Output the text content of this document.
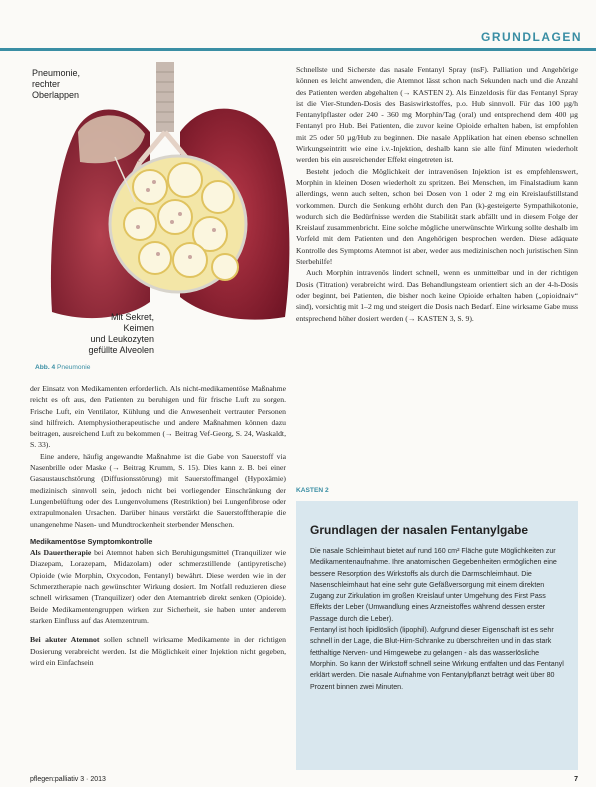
GRUNDLAGEN
Pneumonie,
rechter
Oberlappen
Mit Sekret, Keimen
und Leukozyten
gefüllte Alveolen
Abb. 4 Pneumonie

der Einsatz von Medikamenten erforderlich. Als nicht-medikamentöse Maßnahme reicht es oft aus, den Patienten zu beruhigen und für frische Luft zu sorgen. Frische Luft, ein Ventilator, Kühlung und die Anwesenheit vertrauter Personen sind hilfreich. Atemphysiotherapeutische und andere Maßnahmen können dazu beitragen, ausreichend Luft zu bekommen (→ Beitrag Vef-Georg, S. 24, Waskaldt, S. 33).

Eine andere, häufig angewandte Maßnahme ist die Gabe von Sauerstoff via Nasenbrille oder Maske (→ Beitrag Krumm, S. 15). Dies kann z. B. bei einer Gasaustauschstörung (Diffusionsstörung) mit Sauerstoffmangel (Hypoxämie) medizinisch sinnvoll sein, jedoch nicht bei vorliegender Einschränkung der Lungenbelüftung oder des Lungenvolumens (Restriktion) bei Lungenfibrose oder extrapulmonalen Ursachen. Darüber hinaus verstärkt die Sauerstofftherapie die unangenehme Nasen- und Mundtrockenheit sterbender Menschen.

Medikamentöse Symptomkontrolle

Als Dauertherapie bei Atemnot haben sich Beruhigungsmittel (Tranquilizer wie Diazepam, Lorazepam, Midazolam) oder schmerzstillende (antipyretische) Opioide (wie Morphin, Oxycodon, Fentanyl) bewährt. Diese werden wie in der Schmerztherapie nach gewünschter Wirkung dosiert. Im Notfall reduzieren diese schnell wirksamen (Tranquilizer) oder den Atemantrieb direkt senken (Opioide). Beide Medikamentengruppen wirken zur Sicherheit, sie haben unter anderem starken Einfluss auf das Atemzentrum.

Bei akuter Atemnot sollen schnell wirksame Medikamente in der richtigen Dosierung verabreicht werden. Ist die Möglichkeit einer Injektion nicht gegeben, wird ein Einfachsein

Schnellste und Sicherste das nasale Fentanyl Spray (nsF). Palliation und Angehörige können es leicht anwenden, die Atemnot lässt schon nach Sekunden nach und die Anzahl des Patienten werden abgehalten (→ KASTEN 2). Als Einzeldosis für das Fentanyl Spray ist die Vier-Stunden-Dosis des Basiswirkstoffes, p.o. Hub sinnvoll. Für das 100 µg/h Fentanylpflaster oder 240 - 360 mg Morphin/Tag (oral) und entsprechend dem 400 µg Fentanyl pro Hub. Bei Patienten, die zuvor keine Opioide erhalten haben, ist empfohlen mit 25 oder 50 µg/Hub zu beginnen. Die nasale Applikation hat einen ebenso schnellen Wirkungseintritt wie eine i.v.-Injektion, deshalb kann sie alle fünf Minuten wiederholt werden bis ein ausreichender Effekt eingetreten ist.

Besteht jedoch die Möglichkeit der intravenösen Injektion ist es empfehlenswert, Morphin in kleinen Dosen wiederholt zu spritzen. Bei Menschen, im Finalstadium kann allerdings, wenn auch selten, schon bei Dosen von 1 oder 2 mg ein Kreislaufstillstand vorkommen. Durch die Senkung erhöht durch den Pan (k)-gesteigerte Sympathikotonie, wodurch sich die Bedürfnisse werden die Stabilität stark abfällt und in diesem Folge der Kreislauf zusammenbricht. Eine solche mögliche unerwünschte Wirkung sollte deshalb im Vorfeld mit dem Patienten und den Angehörigen besprochen werden. Diese adäquate Kontrolle des Symptoms Atemnot ist aber, weder aus medizinischen noch juristischen Sinn Sterbehilfe!

Auch Morphin intravenös lindert schnell, wenn es unmittelbar und in der richtigen Dosis (Titration) verabreicht wird. Das Behandlungsteam orientiert sich an der 4-h-Dosis oder beginnt, bei Patienten, die bisher noch keine Opioide erhalten haben („opioidnaiv“ sind), vorsichtig mit 1–2 mg und steigert die Dosis nach Bedarf. Eine wirksame Gabe muss entsprechend höher dosiert werden (→ KASTEN 3, S. 9).

KASTEN 2
Grundlagen der nasalen Fentanylgabe

Die nasale Schleimhaut bietet auf rund 160 cm² Fläche gute Möglichkeiten zur Medikamentenaufnahme. Ihre anatomischen Gegebenheiten ermöglichen eine bessere Resorption des Wirkstoffs als durch die Darmschleimhaut. Die Nasenschleimhaut hat eine sehr gute Gefäßversorgung mit einem direkten Zugang zur Zirkulation im großen Kreislauf unter Umgehung des First Pass Effekts der Leber (Umwandlung eines Arzneistoffes während dessen erster Passage durch die Leber).

Fentanyl ist hoch lipidlöslich (lipophil). Aufgrund dieser Eigenschaft ist es sehr schnell in der Lage, die Blut-Hirn-Schranke zu überschreiten und in das stark fetthaltige Nerven- und Hirngewebe zu gelangen - als das wasserlösliche Morphin. So kann der Wirkstoff schnell seine Wirkung entfalten und das Fentanyl erklärt werden. Die nasale Aufnahme von Fentanylpflanzt beträgt weit über 80 Prozent binnen zwei Minuten.

pflegen:palliativ 3 · 2013	7
